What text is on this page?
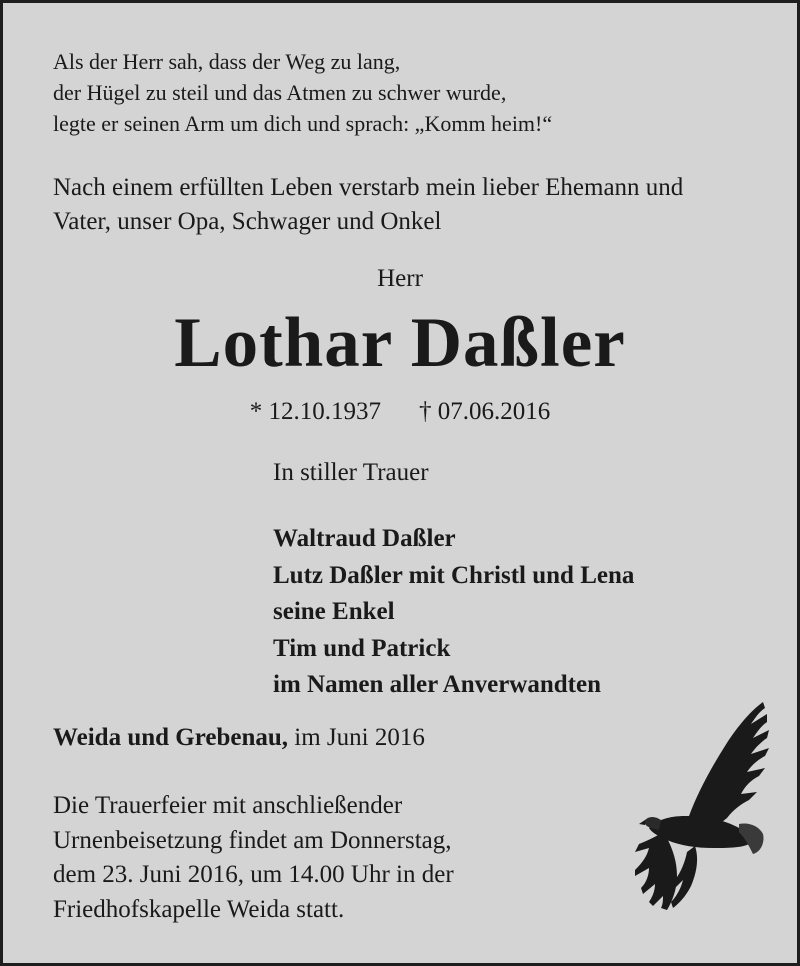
Als der Herr sah, dass der Weg zu lang,
der Hügel zu steil und das Atmen zu schwer wurde,
legte er seinen Arm um dich und sprach: „Komm heim!“
Nach einem erfüllten Leben verstarb mein lieber Ehemann und
Vater, unser Opa, Schwager und Onkel
Herr
Lothar Daßler
* 12.10.1937 † 07.06.2016
In stiller Trauer
Waltraud Daßler
Lutz Daßler mit Christl und Lena
seine Enkel
Tim und Patrick
im Namen aller Anverwandten
Weida und Grebenau, im Juni 2016
Die Trauerfeier mit anschließender
Urnenbeisetzung findet am Donnerstag,
dem 23. Juni 2016, um 14.00 Uhr in der
Friedhofskapelle Weida statt.
